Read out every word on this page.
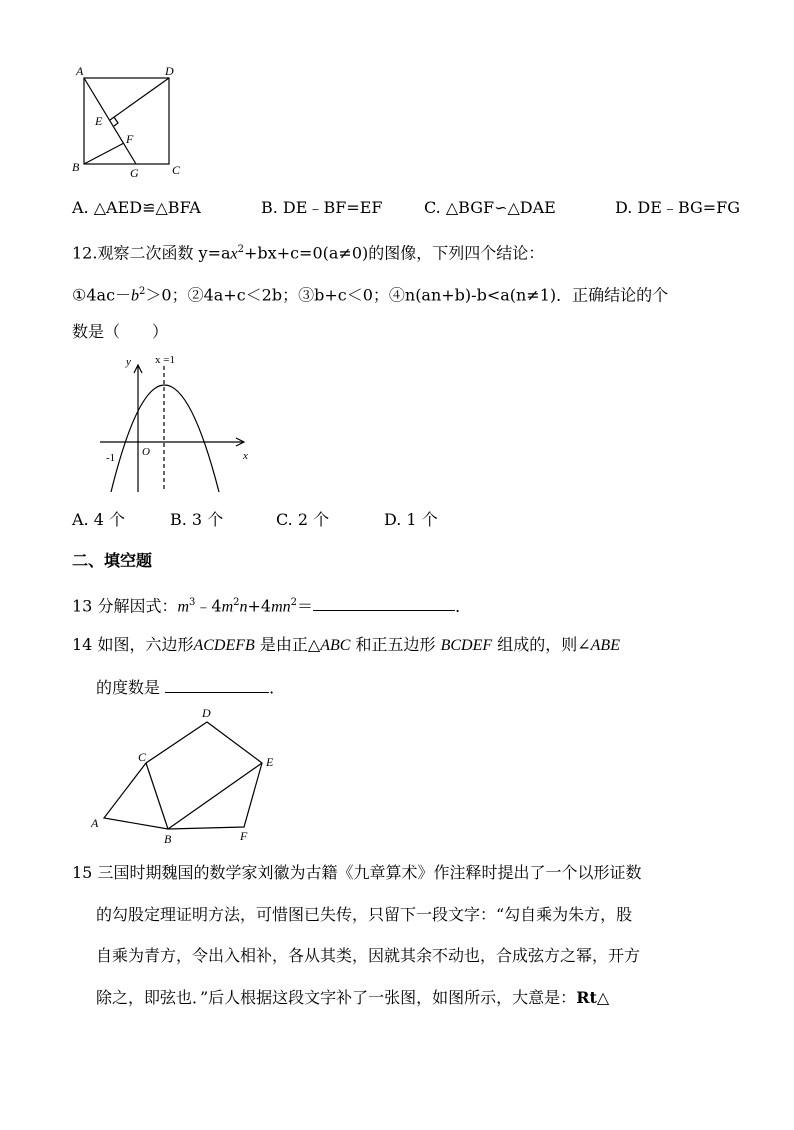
A	D
E
F
B	G	C
A. △AED≌△BFA	B. DE﹣BF=EF	C. △BGF∽△DAE	D. DE﹣BG=FG
12.观察二次函数 $y=ax^2+bx+c=0(a\ne 0)$的图像，下列四个结论：
$①4ac-b^2>0$；②4a+c＜2b；③b+c＜0；④n(an+b)-b<a(n≠1)．正确结论的个
数是（　　）
y x =1
O
-1	x
A. 4 个	B. 3 个	C. 2 个	D. 1 个
二、填空题
13 分解因式：$m^3﹣4m^2n+4mn^2=$	．
14 如图，六边形ACDEFB 是由正△ABC 和正五边形 BCDEF 组成的，则∠ABE
的度数是	．
D
C	E
A
B	F
15 三国时期魏国的数学家刘徽为古籍《九章算术》作注释时提出了一个以形证数
的勾股定理证明方法，可惜图已失传，只留下一段文字：“勾自乘为朱方，股
自乘为青方，令出入相补，各从其类，因就其余不动也，合成弦方之幂，开方
除之，即弦也．”后人根据这段文字补了一张图，如图所示，大意是：Rt△
